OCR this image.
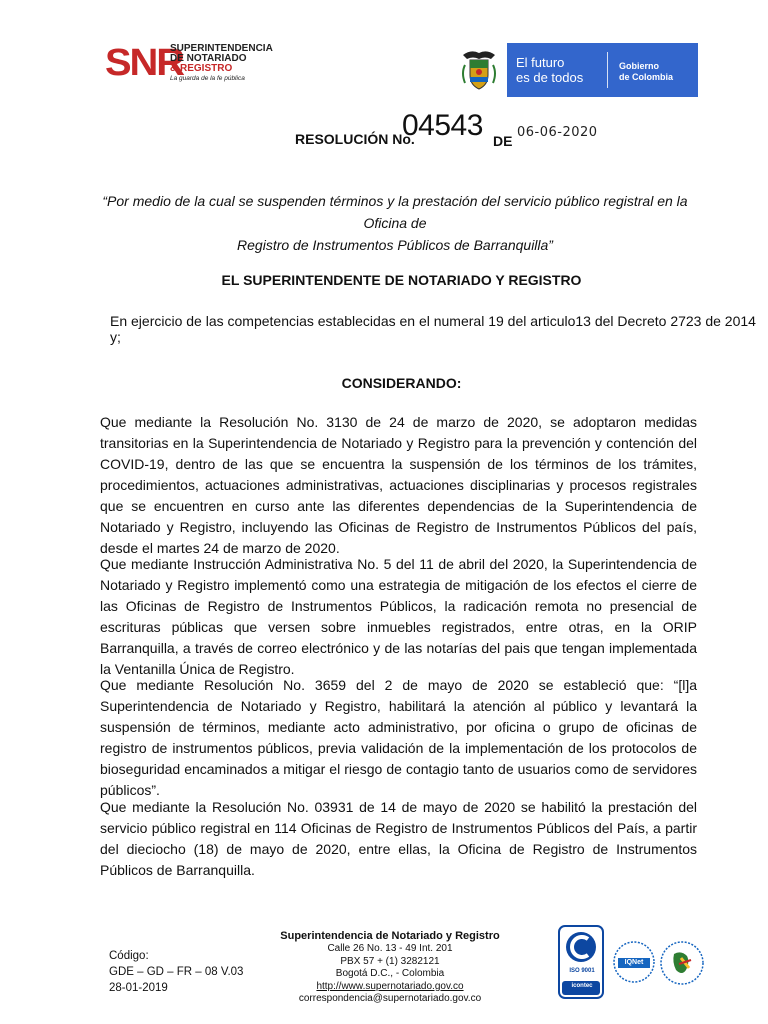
SNR
SUPERINTENDENCIA
DE NOTARIADO
& REGISTRO
La guarda de la fe pública
El futuro
es de todos
Gobierno
de Colombia
RESOLUCIÓN No.
04543 DE
06-06-2020
“Por medio de la cual se suspenden términos y la prestación del servicio público registral en la Oficina de
Registro de Instrumentos Públicos de Barranquilla”
EL SUPERINTENDENTE DE NOTARIADO Y REGISTRO
En ejercicio de las competencias establecidas en el numeral 19 del articulo13 del Decreto 2723 de 2014 y;
CONSIDERANDO:
Que mediante la Resolución No. 3130 de 24 de marzo de 2020, se adoptaron medidas transitorias en la Superintendencia de Notariado y Registro para la prevención y contención del COVID-19, dentro de las que se encuentra la suspensión de los términos de los trámites, procedimientos, actuaciones administrativas, actuaciones disciplinarias y procesos registrales que se encuentren en curso ante las diferentes dependencias de la Superintendencia de Notariado y Registro, incluyendo las Oficinas de Registro de Instrumentos Públicos del país, desde el martes 24 de marzo de 2020.
Que mediante Instrucción Administrativa No. 5 del 11 de abril del 2020, la Superintendencia de Notariado y Registro implementó como una estrategia de mitigación de los efectos el cierre de las Oficinas de Registro de Instrumentos Públicos, la radicación remota no presencial de escrituras públicas que versen sobre inmuebles registrados, entre otras, en la ORIP Barranquilla, a través de correo electrónico y de las notarías del pais que tengan implementada la Ventanilla Única de Registro.
Que mediante Resolución No. 3659 del 2 de mayo de 2020 se estableció que: “[l]a Superintendencia de Notariado y Registro, habilitará la atención al público y levantará la suspensión de términos, mediante acto administrativo, por oficina o grupo de oficinas de registro de instrumentos públicos, previa validación de la implementación de los protocolos de bioseguridad encaminados a mitigar el riesgo de contagio tanto de usuarios como de servidores públicos”.
Que mediante la Resolución No. 03931 de 14 de mayo de 2020 se habilitó la prestación del servicio público registral en 114 Oficinas de Registro de Instrumentos Públicos del País, a partir del dieciocho (18) de mayo de 2020, entre ellas, la Oficina de Registro de Instrumentos Públicos de Barranquilla.
Código:
GDE – GD – FR – 08 V.03
28-01-2019
Superintendencia de Notariado y Registro
Calle 26 No. 13 - 49 Int. 201
PBX 57 + (1) 3282121
Bogotá D.C., - Colombia
http://www.supernotariado.gov.co
correspondencia@supernotariado.gov.co
ISO 9001
icontec
IQNet
